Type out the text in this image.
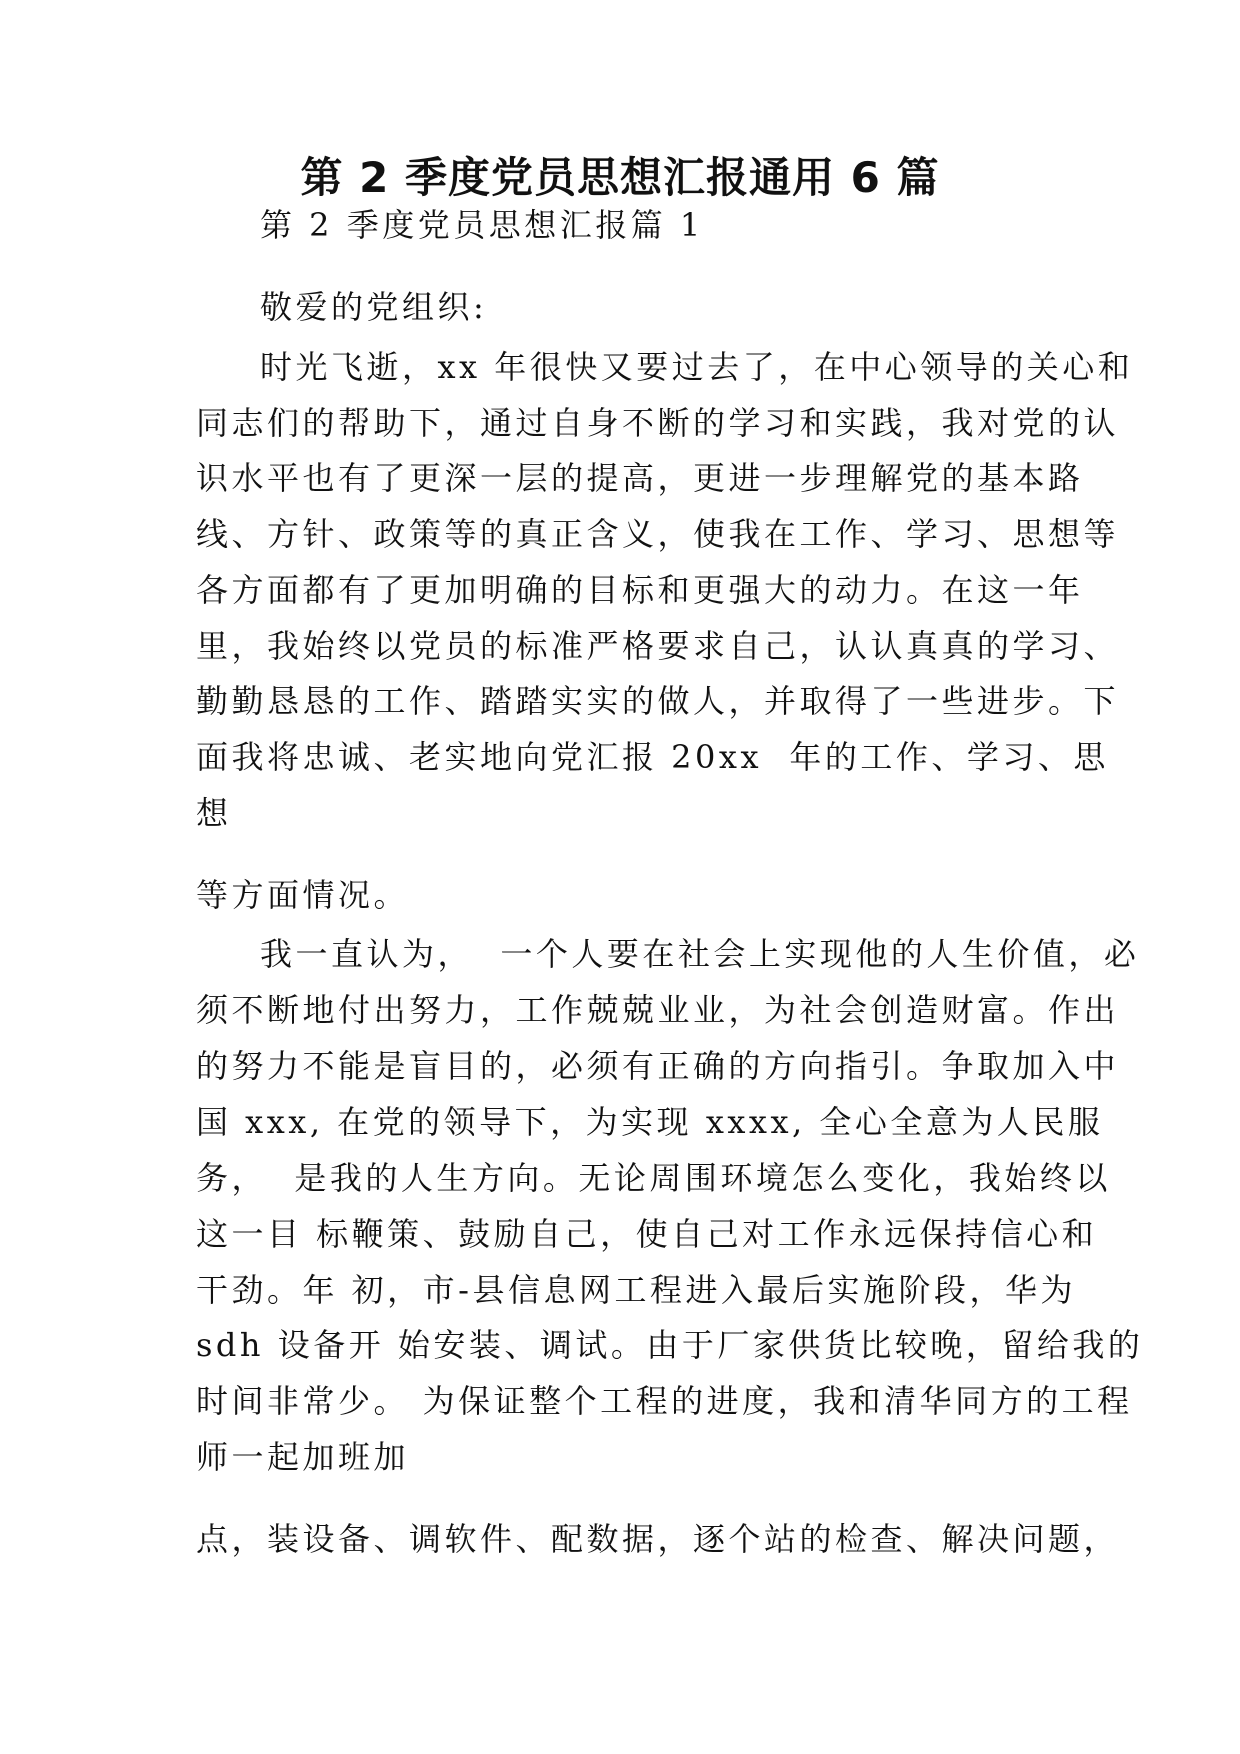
第 2 季度党员思想汇报通用 6 篇

第 2 季度党员思想汇报篇 1

敬爱的党组织:

时光飞逝，xx 年很快又要过去了，在中心领导的关心和

同志们的帮助下，通过自身不断的学习和实践，我对党的认

识水平也有了更深一层的提高，更进一步理解党的基本路

线、方针、政策等的真正含义，使我在工作、学习、思想等

各方面都有了更加明确的目标和更强大的动力。在这一年

里，我始终以党员的标准严格要求自己，认认真真的学习、

勤勤恳恳的工作、踏踏实实的做人，并取得了一些进步。下

面我将忠诚、老实地向党汇报 20xx  年的工作、学习、思

想

等方面情况。

我一直认为，  一个人要在社会上实现他的人生价值，必

须不断地付出努力，工作兢兢业业，为社会创造财富。作出

的努力不能是盲目的，必须有正确的方向指引。争取加入中

国 xxx, 在党的领导下，为实现 xxxx, 全心全意为人民服

务，  是我的人生方向。无论周围环境怎么变化，我始终以

这一目 标鞭策、鼓励自己，使自己对工作永远保持信心和

干劲。年 初，市-县信息网工程进入最后实施阶段，华为

sdh 设备开 始安装、调试。由于厂家供货比较晚，留给我的

时间非常少。 为保证整个工程的进度，我和清华同方的工程

师一起加班加

点，装设备、调软件、配数据，逐个站的检查、解决问题，
